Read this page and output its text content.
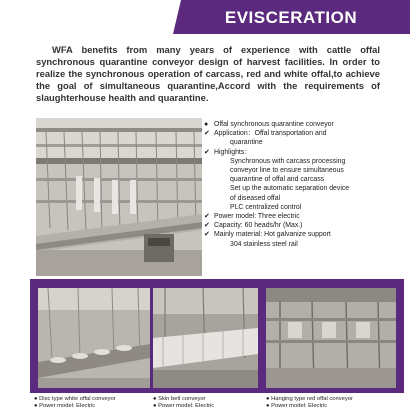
EVISCERATION

WFA benefits from many years of experience with cattle offal synchronous quarantine conveyor design of harvest facilities. In order to realize the synchronous operation of carcass, red and white offal,to achieve the goal of simultaneous quarantine,Accord with the requirements of slaughterhouse health and quarantine.

● Offal synchronous quarantine conveyor
✔ Application：Offal transportation and
quarantine
✔ Highlights：
Synchronous with carcass processing
conveyor line to ensure simultaneous
quarantine of offal and carcass
Set up the automatic separation device
of diseased offal
PLC centralized control
✔ Power model: Three electric
✔ Capacity: 60 heads/hr (Max.)
✔ Mainly material: Hot galvanize support
304 stainless steel rail
● Disc type white offal conveyor
● Power model: Electric
● Skin belt conveyor
● Power model: Electric
● Hanging type red offal conveyor
● Power model: Electric
